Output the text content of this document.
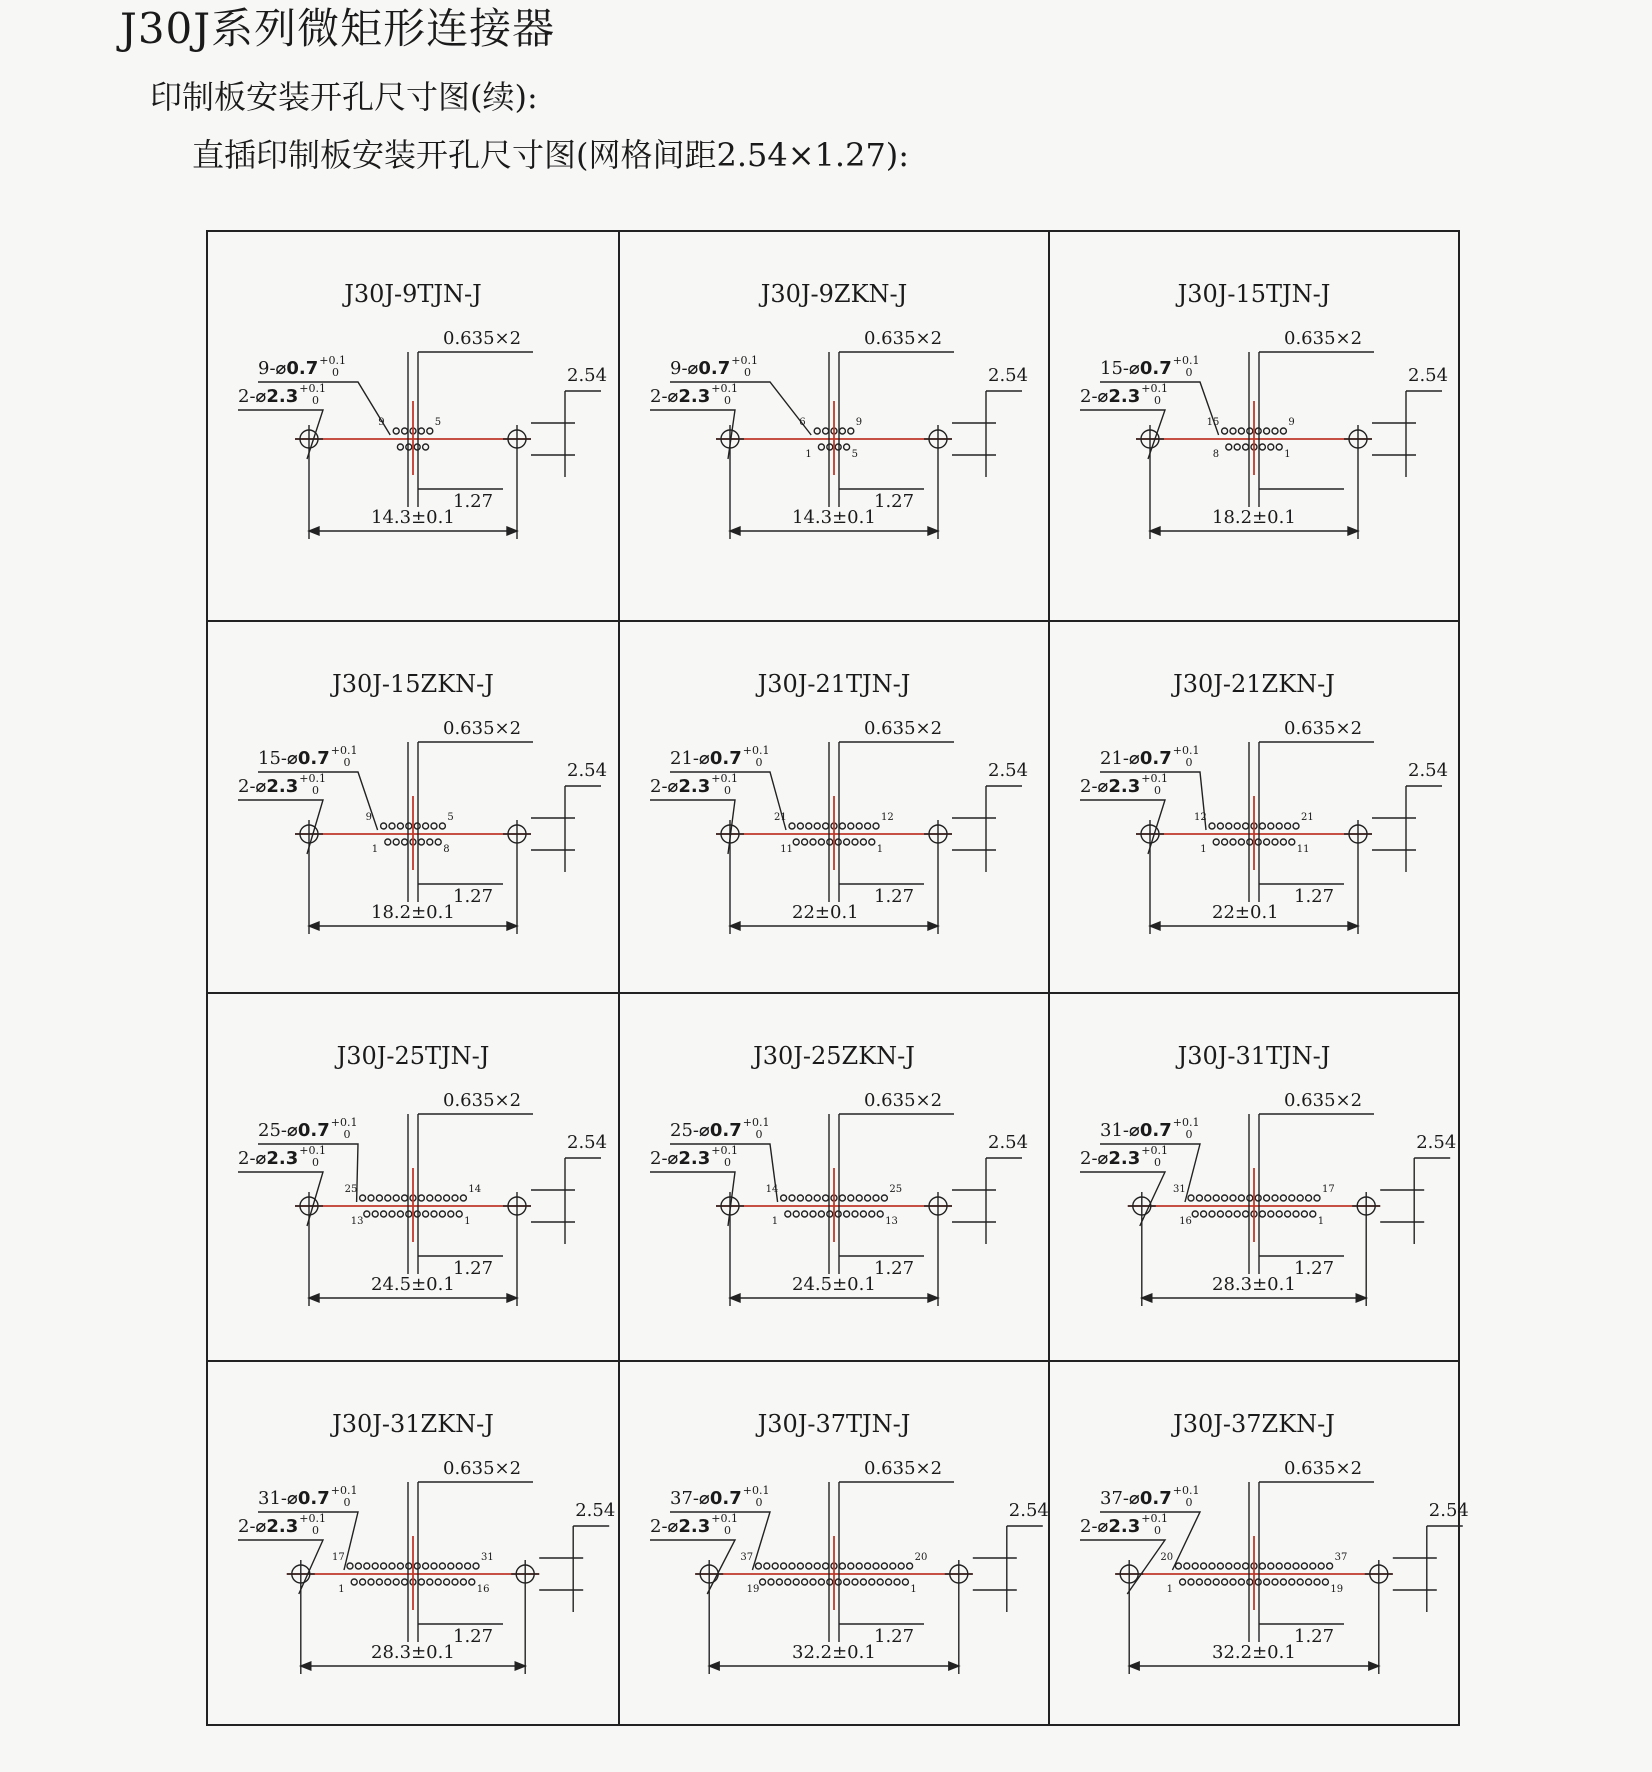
J30J系列微矩形连接器
印制板安装开孔尺寸图(续):
直插印制板安装开孔尺寸图(网格间距2.54×1.27):
J30J-9TJN-J
$9-⌀0.7^{+0.1}_0$
$2-⌀2.3^{+0.1}_0$
0.635×2
2.54
1.27
14.3±0.1
9	5
J30J-9ZKN-J
$9-⌀0.7^{+0.1}_0$
$2-⌀2.3^{+0.1}_0$
0.635×2
2.54
1.27
14.3±0.1
6	9
1	5
J30J-15TJN-J
$15-⌀0.7^{+0.1}_0$
$2-⌀2.3^{+0.1}_0$
0.635×2
2.54
18.2±0.1
15	9
8	1
J30J-15ZKN-J
$15-⌀0.7^{+0.1}_0$
$2-⌀2.3^{+0.1}_0$
0.635×2
2.54
1.27
18.2±0.1
9	5
1	8
J30J-21TJN-J
$21-⌀0.7^{+0.1}_0$
$2-⌀2.3^{+0.1}_0$
0.635×2
2.54
1.27
22±0.1
21	12
11	1
J30J-21ZKN-J
$21-⌀0.7^{+0.1}_0$
$2-⌀2.3^{+0.1}_0$
0.635×2
2.54
1.27
22±0.1
12	21
1	11
J30J-25TJN-J
$25-⌀0.7^{+0.1}_0$
$2-⌀2.3^{+0.1}_0$
0.635×2
2.54
1.27
24.5±0.1
25	14
13	1
J30J-25ZKN-J
$25-⌀0.7^{+0.1}_0$
$2-⌀2.3^{+0.1}_0$
0.635×2
2.54
1.27
24.5±0.1
14	25
1	13
J30J-31TJN-J
$31-⌀0.7^{+0.1}_0$
$2-⌀2.3^{+0.1}_0$
0.635×2
2.54
1.27
28.3±0.1
31	17
16	1
J30J-31ZKN-J
$31-⌀0.7^{+0.1}_0$
$2-⌀2.3^{+0.1}_0$
0.635×2
2.54
1.27
28.3±0.1
17	31
1	16
J30J-37TJN-J
$37-⌀0.7^{+0.1}_0$
$2-⌀2.3^{+0.1}_0$
0.635×2
2.54
1.27
32.2±0.1
37	20
19	1
J30J-37ZKN-J
$37-⌀0.7^{+0.1}_0$
$2-⌀2.3^{+0.1}_0$
0.635×2
2.54
1.27
32.2±0.1
20	37
1	19
